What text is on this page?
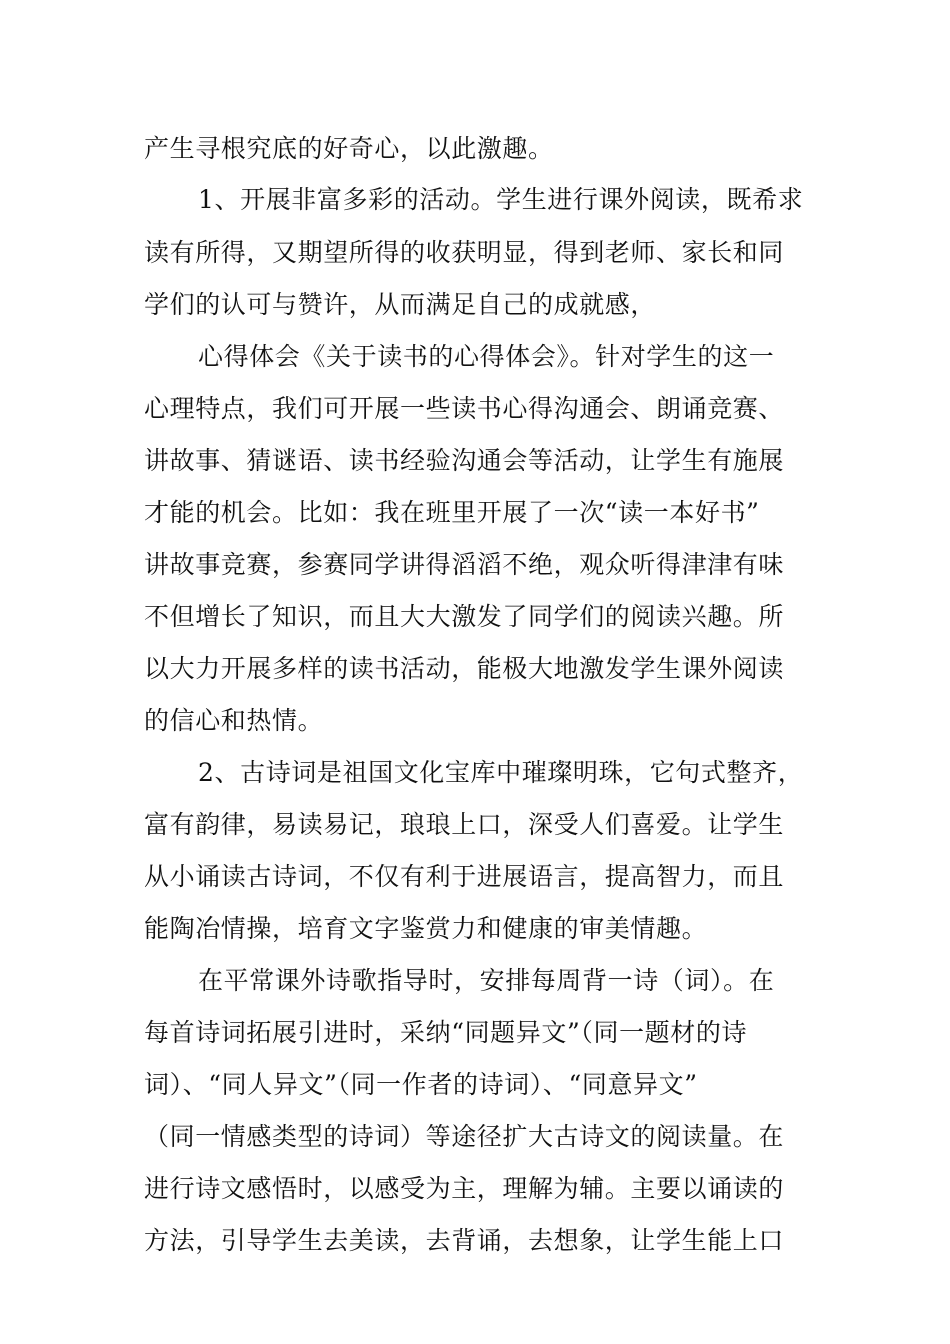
产生寻根究底的好奇心，以此激趣。
1、开展非富多彩的活动。学生进行课外阅读，既希求
读有所得，又期望所得的收获明显，得到老师、家长和同
学们的认可与赞许，从而满足自己的成就感，
心得体会《关于读书的心得体会》。针对学生的这一
心理特点，我们可开展一些读书心得沟通会、朗诵竞赛、
讲故事、猜谜语、读书经验沟通会等活动，让学生有施展
才能的机会。比如：我在班里开展了一次“读一本好书”
讲故事竞赛，参赛同学讲得滔滔不绝，观众听得津津有味
不但增长了知识，而且大大激发了同学们的阅读兴趣。所
以大力开展多样的读书活动，能极大地激发学生课外阅读
的信心和热情。
2、古诗词是祖国文化宝库中璀璨明珠，它句式整齐，
富有韵律，易读易记，琅琅上口，深受人们喜爱。让学生
从小诵读古诗词，不仅有利于进展语言，提高智力，而且
能陶冶情操，培育文字鉴赏力和健康的审美情趣。
在平常课外诗歌指导时，安排每周背一诗（词）。在
每首诗词拓展引进时，采纳“同题异文”（同一题材的诗
词）、“同人异文”（同一作者的诗词）、“同意异文”
（同一情感类型的诗词）等途径扩大古诗文的阅读量。在
进行诗文感悟时，以感受为主，理解为辅。主要以诵读的
方法，引导学生去美读，去背诵，去想象，让学生能上口
